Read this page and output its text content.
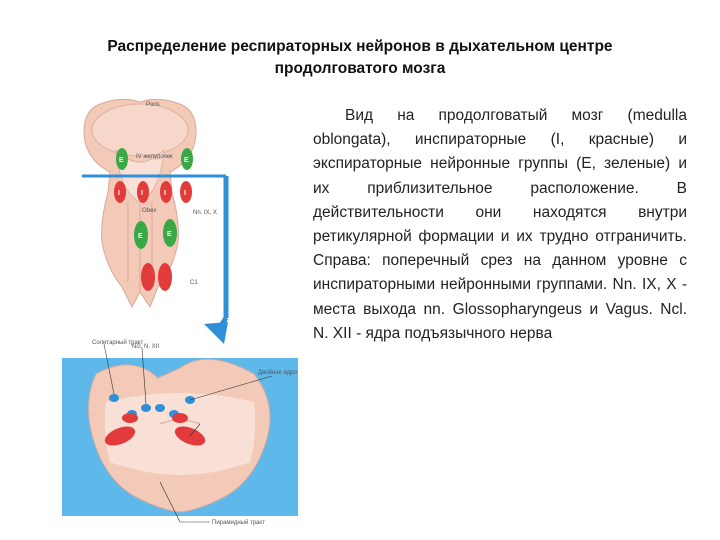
Распределение респираторных нейронов в дыхательном центре
продолговатого мозга
E	E
I	I	I	I
E	E
Pons
IV желудочек
Obex	Nn. IX, X
C1
Солитарный тракт
Ncl. N. XII
Двойное ядро
Пирамидный тракт
Вид на продолговатый мозг (medulla oblongata), инспираторные (I, красные) и экспираторные нейронные группы (E, зеленые) и их приблизительное расположение. В действительности они находятся внутри ретикулярной формации и их трудно отграничить. Справа: поперечный срез на данном уровне с инспираторными нейронными группами. Nn. IX, X - места выхода nn. Glossopharyngeus и Vagus. Ncl. N. XII - ядра подъязычного нерва
